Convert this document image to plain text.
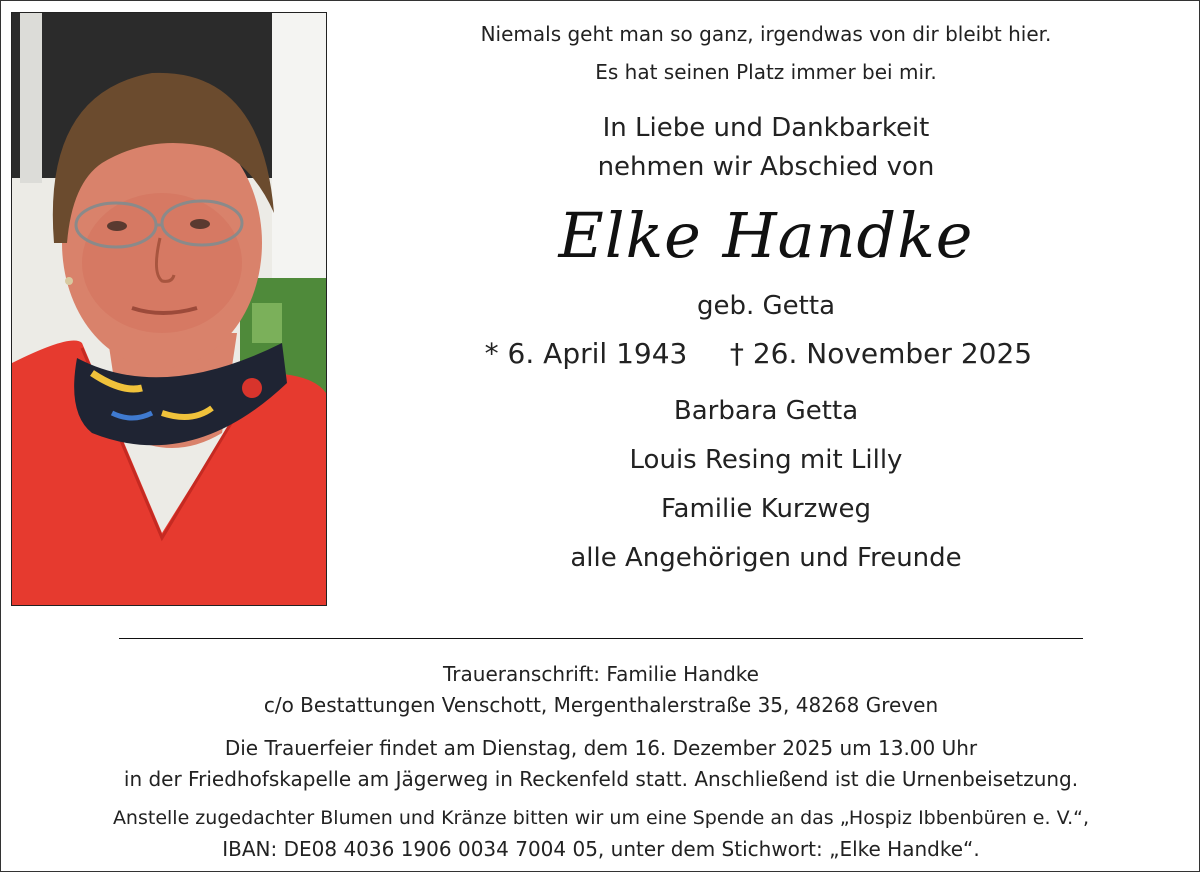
Niemals geht man so ganz, irgendwas von dir bleibt hier.
Es hat seinen Platz immer bei mir.
In Liebe und Dankbarkeit
nehmen wir Abschied von
Elke Handke
geb. Getta
* 6. April 1943	† 26. November 2025
Barbara Getta
Louis Resing mit Lilly
Familie Kurzweg
alle Angehörigen und Freunde
Traueranschrift: Familie Handke
c/o Bestattungen Venschott, Mergenthalerstraße 35, 48268 Greven
Die Trauerfeier findet am Dienstag, dem 16. Dezember 2025 um 13.00 Uhr
in der Friedhofskapelle am Jägerweg in Reckenfeld statt. Anschließend ist die Urnenbeisetzung.
Anstelle zugedachter Blumen und Kränze bitten wir um eine Spende an das „Hospiz Ibbenbüren e. V.“,
IBAN: DE08 4036 1906 0034 7004 05, unter dem Stichwort: „Elke Handke“.
